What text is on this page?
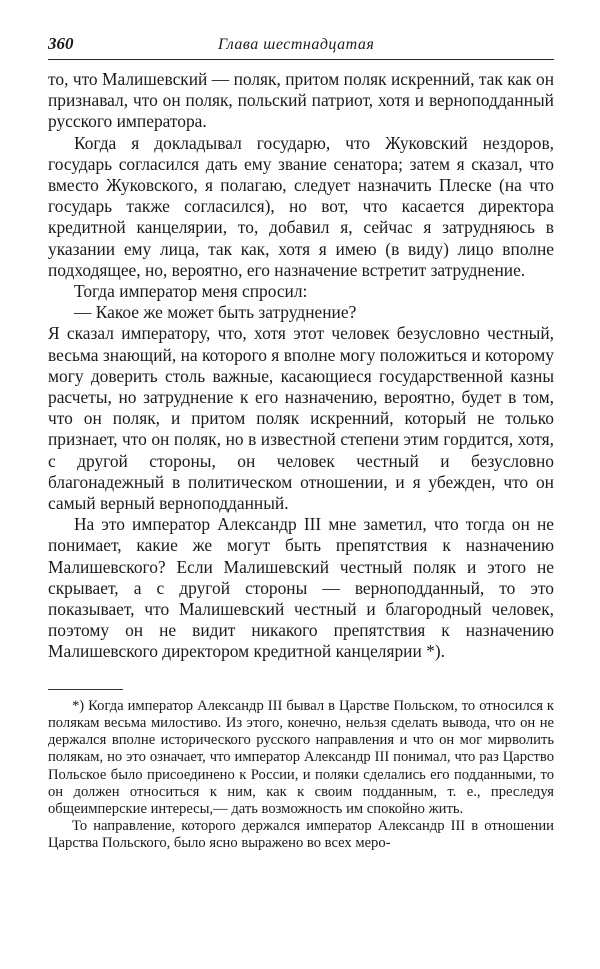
360	Глава шестнадцатая

то, что Малишевский — поляк, притом поляк искренний, так как он признавал, что он поляк, польский патриот, хотя и верноподданный русского императора.

Когда я докладывал государю, что Жуковский нездоров, государь согласился дать ему звание сенатора; затем я сказал, что вместо Жуковского, я полагаю, следует назначить Плеске (на что государь также согласился), но вот, что касается директора кредитной канцелярии, то, добавил я, сейчас я затрудняюсь в указании ему лица, так как, хотя я имею (в виду) лицо вполне подходящее, но, вероятно, его назначение встретит затруднение.

Тогда император меня спросил:

— Какое же может быть затруднение?

Я сказал императору, что, хотя этот человек безусловно честный, весьма знающий, на которого я вполне могу положиться и которому могу доверить столь важные, касающиеся государственной казны расчеты, но затруднение к его назначению, вероятно, будет в том, что он поляк, и притом поляк искренний, который не только признает, что он поляк, но в известной степени этим гордится, хотя, с другой стороны, он человек честный и безусловно благонадежный в политическом отношении, и я убежден, что он самый верный верноподданный.

На это император Александр III мне заметил, что тогда он не понимает, какие же могут быть препятствия к назначению Малишевского? Если Малишевский честный поляк и этого не скрывает, а с другой стороны — верноподданный, то это показывает, что Малишевский честный и благородный человек, поэтому он не видит никакого препятствия к назначению Малишевского директором кредитной канцелярии *).

*) Когда император Александр III бывал в Царстве Польском, то относился к полякам весьма милостиво. Из этого, конечно, нельзя сделать вывода, что он не держался вполне исторического русского направления и что он мог мирволить полякам, но это означает, что император Александр III понимал, что раз Царство Польское было присоединено к России, и поляки сделались его подданными, то он должен относиться к ним, как к своим подданным, т. е., преследуя общеимперские интересы,— дать возможность им спокойно жить.

То направление, которого держался император Александр III в отношении Царства Польского, было ясно выражено во всех меро-
